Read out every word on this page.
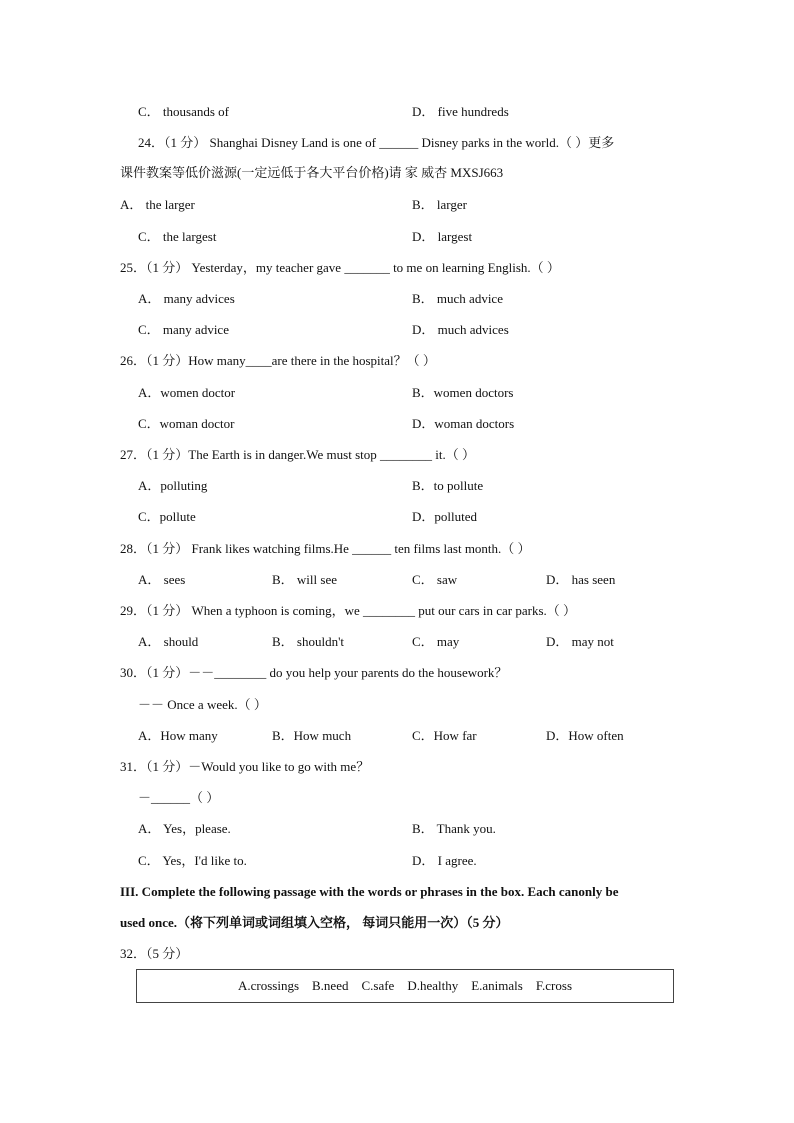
C． thousands of	D． five hundreds
24．（1 分） Shanghai Disney Land is one of ______ Disney parks in the world.（ ）更多
课件教案等低价滋源(一定远低于各大平台价格)请 家 威杏 MXSJ663
A． the larger	B． larger
C． the largest	D． largest
25．（1 分） Yesterday，my teacher gave _______ to me on learning English.（ ）
A． many advices	B． much advice
C． many advice	D． much advices
26．（1 分）How many____are there in the hospital？（ ）
A．women doctor	B．women doctors
C．woman doctor	D．woman doctors
27．（1 分）The Earth is in danger.We must stop ________ it.（ ）
A．polluting	B．to pollute
C．pollute	D．polluted
28．（1 分） Frank likes watching films.He ______ ten films last month.（ ）
A． sees	B． will see	C． saw	D． has seen
29．（1 分） When a typhoon is coming，we ________ put our cars in car parks.（ ）
A． should	B． shouldn't	C． may	D． may not
30．（1 分）－－________ do you help your parents do the housework？
－－ Once a week.（ ）
A．How many	B．How much	C．How far	D．How often
31．（1 分）－Would you like to go with me？
－______（ ）
A． Yes，please.	B． Thank you.
C． Yes，I'd like to.	D． I agree.
III. Complete the following passage with the words or phrases in the box. Each canonly be
used once.（将下列单词或词组填入空格， 每词只能用一次）（5 分）
32．（5 分）
A.crossings    B.need    C.safe    D.healthy    E.animals    F.cross
